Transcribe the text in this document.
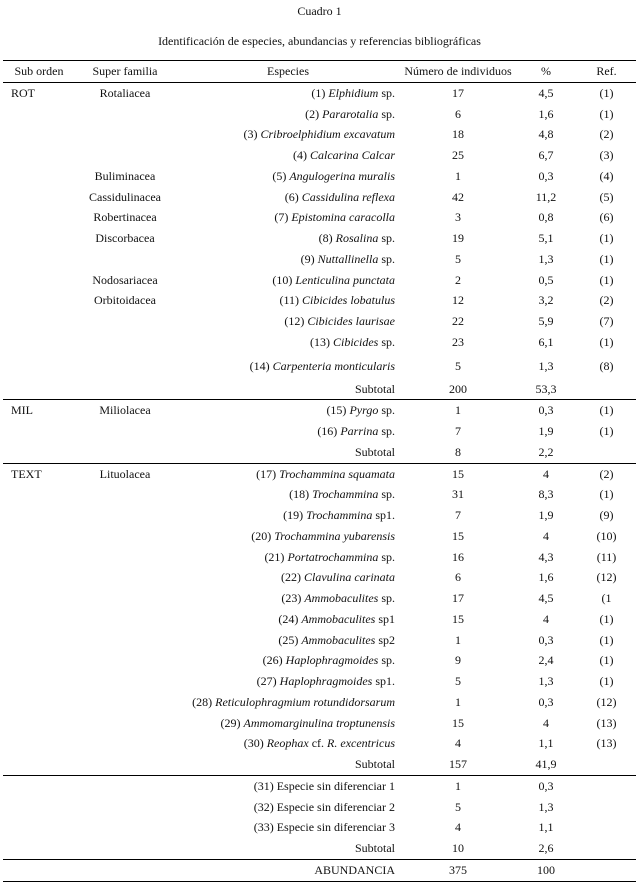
Cuadro 1
Identificación de especies, abundancias y referencias bibliográficas
Sub orden	Super familia	Especies	Número de individuos	%	Ref.
ROT	Rotaliacea	(1) Elphidium sp.	17	4,5	(1)
		(2) Pararotalia sp.	6	1,6	(1)
		(3) Cribroelphidium excavatum	18	4,8	(2)
		(4) Calcarina Calcar	25	6,7	(3)
	Buliminacea	(5) Angulogerina muralis	1	0,3	(4)
	Cassidulinacea	(6) Cassidulina reflexa	42	11,2	(5)
	Robertinacea	(7) Epistomina caracolla	3	0,8	(6)
	Discorbacea	(8) Rosalina sp.	19	5,1	(1)
		(9) Nuttallinella sp.	5	1,3	(1)
	Nodosariacea	(10) Lenticulina punctata	2	0,5	(1)
	Orbitoidacea	(11) Cibicides lobatulus	12	3,2	(2)
		(12) Cibicides laurisae	22	5,9	(7)
		(13) Cibicides sp.	23	6,1	(1)
		(14) Carpenteria monticularis	5	1,3	(8)
		Subtotal	200	53,3	
MIL	Miliolacea	(15) Pyrgo sp.	1	0,3	(1)
		(16) Parrina sp.	7	1,9	(1)
		Subtotal	8	2,2	
TEXT	Lituolacea	(17) Trochammina squamata	15	4	(2)
		(18) Trochammina sp.	31	8,3	(1)
		(19) Trochammina sp1.	7	1,9	(9)
		(20) Trochammina yubarensis	15	4	(10)
		(21) Portatrochammina sp.	16	4,3	(11)
		(22) Clavulina carinata	6	1,6	(12)
		(23) Ammobaculites sp.	17	4,5	(1
		(24) Ammobaculites sp1	15	4	(1)
		(25) Ammobaculites sp2	1	0,3	(1)
		(26) Haplophragmoides sp.	9	2,4	(1)
		(27) Haplophragmoides sp1.	5	1,3	(1)
		(28) Reticulophragmium rotundidorsarum	1	0,3	(12)
		(29) Ammomarginulina troptunensis	15	4	(13)
		(30) Reophax cf. R. excentricus	4	1,1	(13)
		Subtotal	157	41,9	
		(31) Especie sin diferenciar 1	1	0,3	
		(32) Especie sin diferenciar 2	5	1,3	
		(33) Especie sin diferenciar 3	4	1,1	
		Subtotal	10	2,6	
		ABUNDANCIA	375	100	
